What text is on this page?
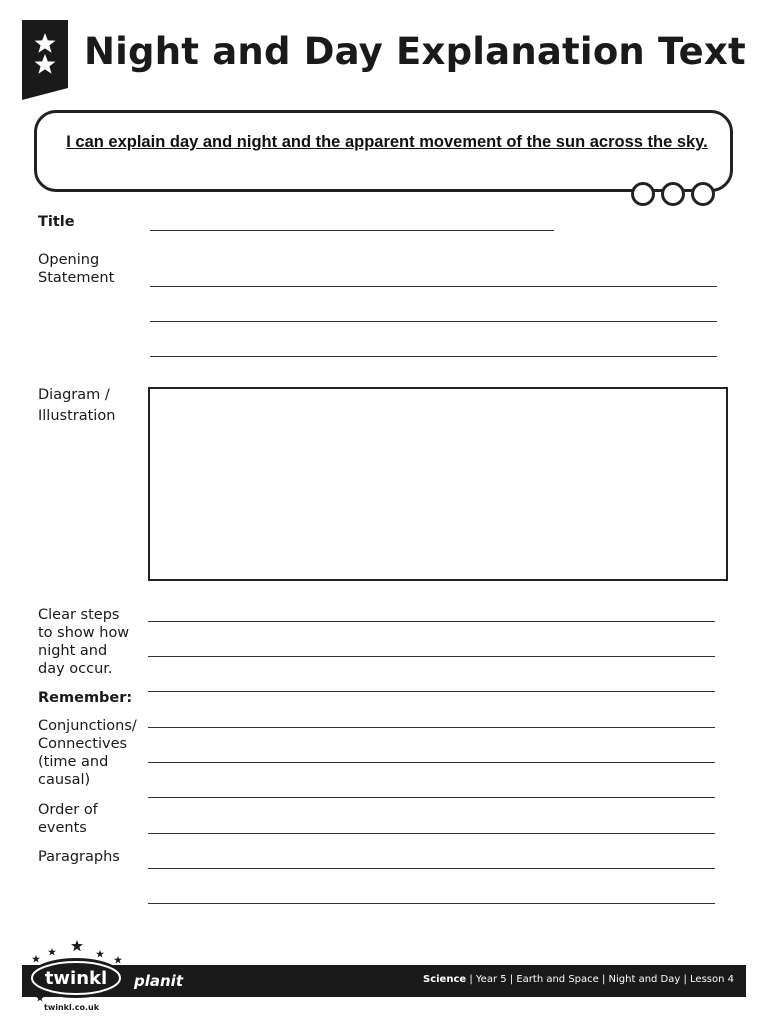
Night and Day Explanation Text
I can explain day and night and the apparent movement of the sun across the sky.
Title
Opening
Statement
Diagram /
Illustration
Clear steps
to show how
night and
day occur.
Remember:
Conjunctions/
Connectives
(time and
causal)
Order of
events
Paragraphs
twinkl planit	Science | Year 5 | Earth and Space | Night and Day | Lesson 4
twinkl.co.uk
